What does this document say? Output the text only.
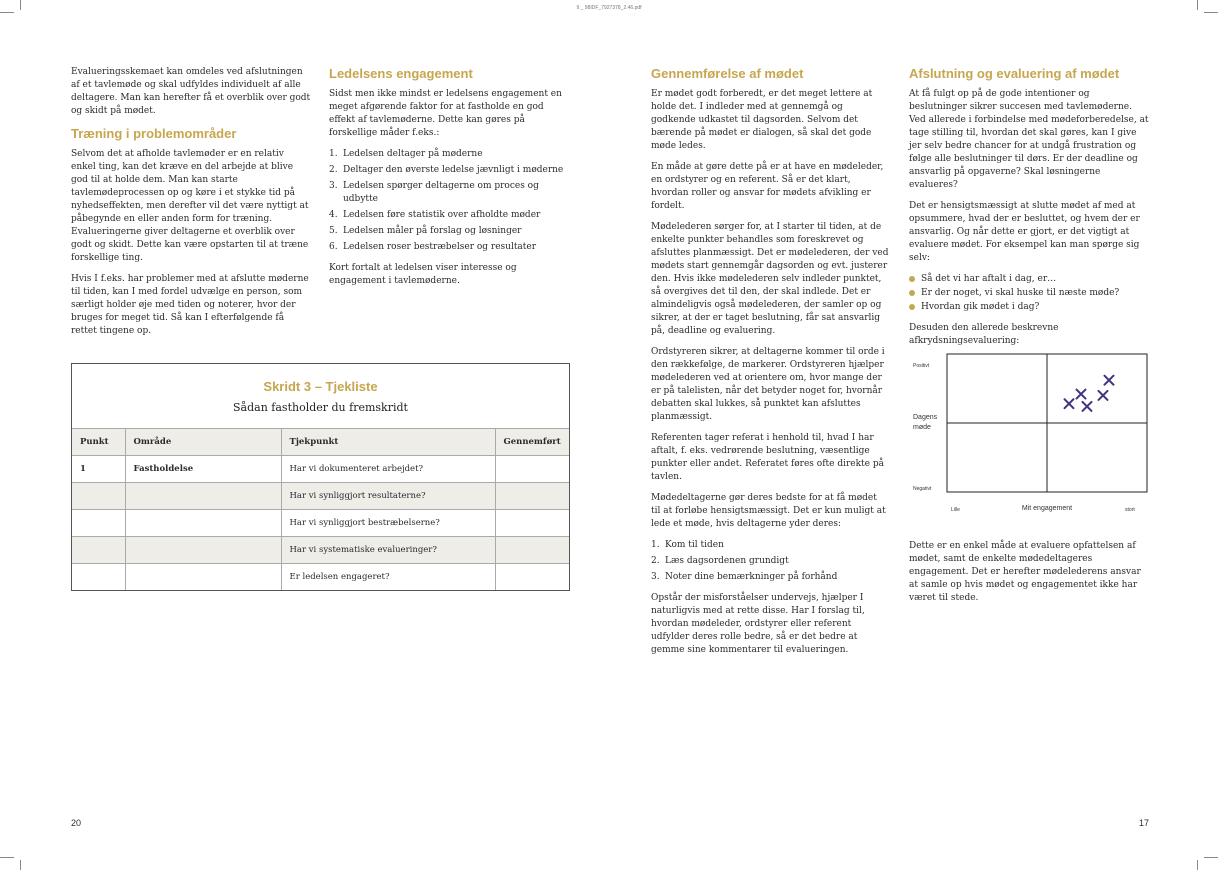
9 _ 98IDF_7927378_2.46.pdf

Evalueringsskemaet kan omdeles ved afslutningen af et tavlemøde og skal udfyldes individuelt af alle deltagere. Man kan herefter få et overblik over godt og skidt på mødet.

Træning i problemområder

Selvom det at afholde tavlemøder er en relativ enkel ting, kan det kræve en del arbejde at blive god til at holde dem. Man kan starte tavlemødeprocessen op og køre i et stykke tid på nyhedseffekten, men derefter vil det være nyttigt at påbegynde en eller anden form for træning. Evalueringerne giver deltagerne et overblik over godt og skidt. Dette kan være opstarten til at træne forskellige ting.

Hvis I f.eks. har problemer med at afslutte møderne til tiden, kan I med fordel udvælge en person, som særligt holder øje med tiden og noterer, hvor der bruges for meget tid. Så kan I efterfølgende få rettet tingene op.

Ledelsens engagement

Sidst men ikke mindst er ledelsens engagement en meget afgørende faktor for at fastholde en god effekt af tavlemøderne. Dette kan gøres på forskellige måder f.eks.:

1. Ledelsen deltager på møderne
2. Deltager den øverste ledelse jævnligt i møderne
3. Ledelsen spørger deltagerne om proces og udbytte
4. Ledelsen føre statistik over afholdte møder
5. Ledelsen måler på forslag og løsninger
6. Ledelsen roser bestræbelser og resultater

Kort fortalt at ledelsen viser interesse og engagement i tavlemøderne.

Skridt 3 – Tjekliste
Sådan fastholder du fremskridt
Punkt	Område	Tjekpunkt	Gennemført
1	Fastholdelse	Har vi dokumenteret arbejdet?	
		Har vi synliggjort resultaterne?	
		Har vi synliggjort bestræbelserne?	
		Har vi systematiske evalueringer?	
		Er ledelsen engageret?	
20
Gennemførelse af mødet

Er mødet godt forberedt, er det meget lettere at holde det. I indleder med at gennemgå og godkende udkastet til dagsorden. Selvom det bærende på mødet er dialogen, så skal det gode møde ledes.

En måde at gøre dette på er at have en mødeleder, en ordstyrer og en referent. Så er det klart, hvordan roller og ansvar for mødets afvikling er fordelt.

Mødelederen sørger for, at I starter til tiden, at de enkelte punkter behandles som foreskrevet og afsluttes planmæssigt. Det er mødelederen, der ved mødets start gennemgår dagsorden og evt. justerer den. Hvis ikke mødelederen selv indleder punktet, så overgives det til den, der skal indlede. Det er almindeligvis også mødelederen, der samler op og sikrer, at der er taget beslutning, får sat ansvarlig på, deadline og evaluering.

Ordstyreren sikrer, at deltagerne kommer til orde i den rækkefølge, de markerer. Ordstyreren hjælper mødelederen ved at orientere om, hvor mange der er på talelisten, når det betyder noget for, hvornår debatten skal lukkes, så punktet kan afsluttes planmæssigt.

Referenten tager referat i henhold til, hvad I har aftalt, f. eks. vedrørende beslutning, væsentlige punkter eller andet. Referatet føres ofte direkte på tavlen.

Mødedeltagerne gør deres bedste for at få mødet til at forløbe hensigtsmæssigt. Det er kun muligt at lede et møde, hvis deltagerne yder deres:

1. Kom til tiden
2. Læs dagsordenen grundigt
3. Noter dine bemærkninger på forhånd

Opstår der misforståelser undervejs, hjælper I naturligvis med at rette disse. Har I forslag til, hvordan mødeleder, ordstyrer eller referent udfylder deres rolle bedre, så er det bedre at gemme sine kommentarer til evalueringen.

Afslutning og evaluering af mødet

At få fulgt op på de gode intentioner og beslutninger sikrer succesen med tavlemøderne. Ved allerede i forbindelse med mødeforberedelse, at tage stilling til, hvordan det skal gøres, kan I give jer selv bedre chancer for at undgå frustration og følge alle beslutninger til dørs. Er der deadline og ansvarlig på opgaverne? Skal løsningerne evalueres?

Det er hensigtsmæssigt at slutte mødet af med at opsummere, hvad der er besluttet, og hvem der er ansvarlig. Og når dette er gjort, er det vigtigt at evaluere mødet. For eksempel kan man spørge sig selv:

Så det vi har aftalt i dag, er…
Er der noget, vi skal huske til næste møde?
Hvordan gik mødet i dag?

Desuden den allerede beskrevne afkrydsningsevaluering:

Dette er en enkel måde at evaluere opfattelsen af mødet, samt de enkelte mødedeltageres engagement. Det er herefter mødelederens ansvar at samle op hvis mødet og engagementet ikke har været til stede.

Positivt
Dagens
møde
Negativt
Lille	Mit engagement	stort
17
